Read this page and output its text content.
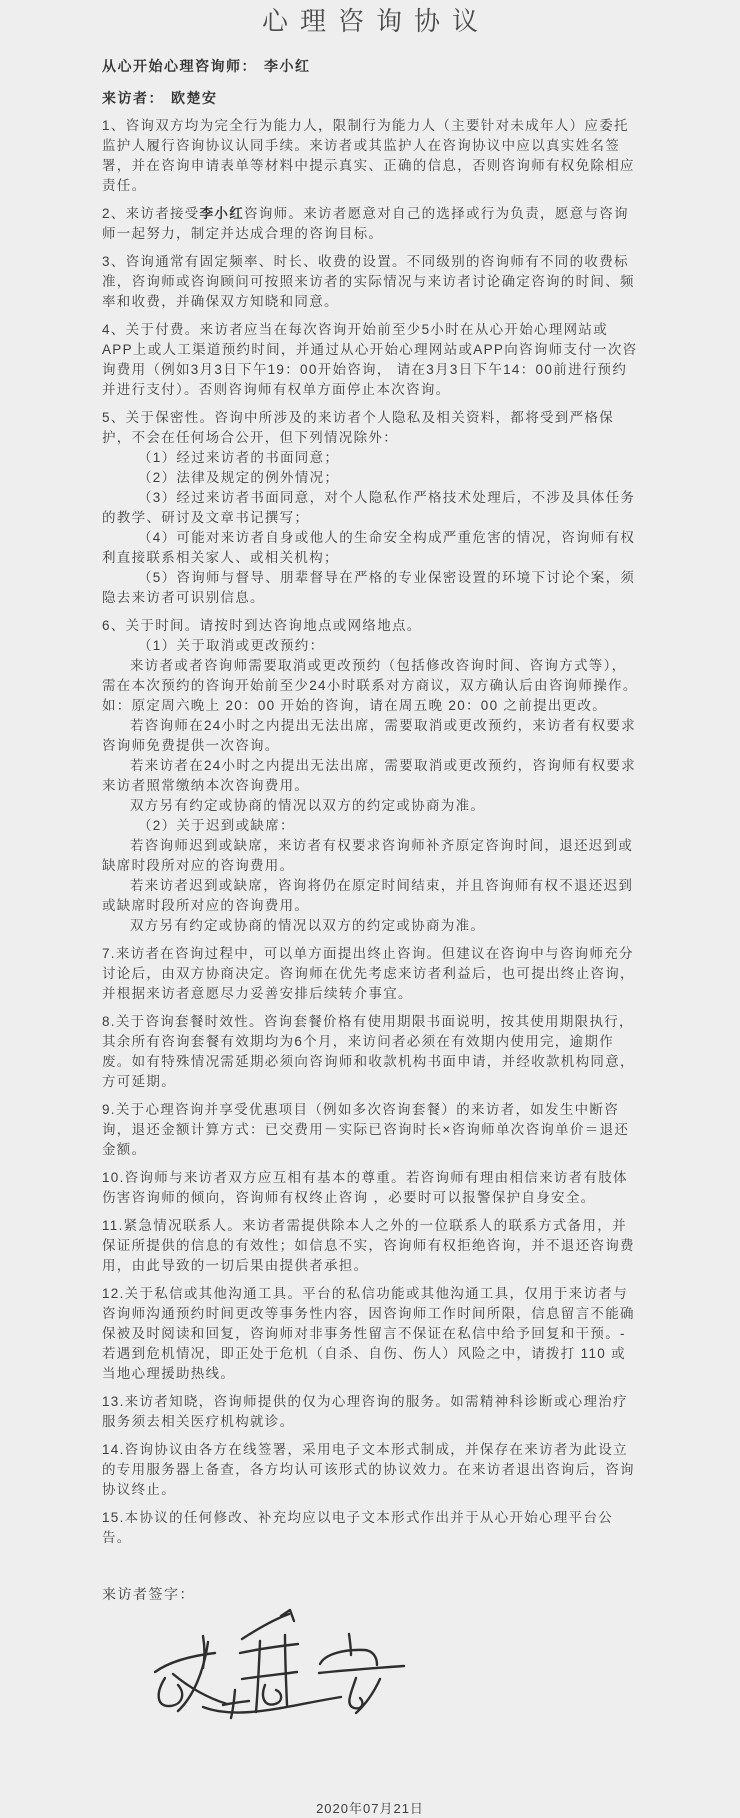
心理咨询协议
从心开始心理咨询师： 李小红
来访者： 欧楚安

1、咨询双方均为完全行为能力人，限制行为能力人（主要针对未成年人）应委托监护人履行咨询协议认同手续。来访者或其监护人在咨询协议中应以真实姓名签署，并在咨询申请表单等材料中提示真实、正确的信息，否则咨询师有权免除相应责任。

2、来访者接受李小红咨询师。来访者愿意对自己的选择或行为负责，愿意与咨询师一起努力，制定并达成合理的咨询目标。

3、咨询通常有固定频率、时长、收费的设置。不同级别的咨询师有不同的收费标准，咨询师或咨询顾问可按照来访者的实际情况与来访者讨论确定咨询的时间、频率和收费，并确保双方知晓和同意。

4、关于付费。来访者应当在每次咨询开始前至少5小时在从心开始心理网站或APP上或人工渠道预约时间，并通过从心开始心理网站或APP向咨询师支付一次咨询费用（例如3月3日下午19：00开始咨询， 请在3月3日下午14：00前进行预约并进行支付）。否则咨询师有权单方面停止本次咨询。

5、关于保密性。咨询中所涉及的来访者个人隐私及相关资料，都将受到严格保护，不会在任何场合公开，但下列情况除外：
（1）经过来访者的书面同意；
（2）法律及规定的例外情况；
（3）经过来访者书面同意，对个人隐私作严格技术处理后，不涉及具体任务的教学、研讨及文章书记撰写；
（4）可能对来访者自身或他人的生命安全构成严重危害的情况，咨询师有权利直接联系相关家人、或相关机构；
（5）咨询师与督导、朋辈督导在严格的专业保密设置的环境下讨论个案，须隐去来访者可识别信息。
6、关于时间。请按时到达咨询地点或网络地点。
（1）关于取消或更改预约：
来访者或者咨询师需要取消或更改预约（包括修改咨询时间、咨询方式等），需在本次预约的咨询开始前至少24小时联系对方商议，双方确认后由咨询师操作。如：原定周六晚上 20：00 开始的咨询，请在周五晚 20：00 之前提出更改。
若咨询师在24小时之内提出无法出席，需要取消或更改预约，来访者有权要求咨询师免费提供一次咨询。
若来访者在24小时之内提出无法出席，需要取消或更改预约，咨询师有权要求来访者照常缴纳本次咨询费用。
双方另有约定或协商的情况以双方的约定或协商为准。
（2）关于迟到或缺席：
若咨询师迟到或缺席，来访者有权要求咨询师补齐原定咨询时间，退还迟到或缺席时段所对应的咨询费用。
若来访者迟到或缺席，咨询将仍在原定时间结束，并且咨询师有权不退还迟到或缺席时段所对应的咨询费用。
双方另有约定或协商的情况以双方的约定或协商为准。

7.来访者在咨询过程中，可以单方面提出终止咨询。但建议在咨询中与咨询师充分讨论后，由双方协商决定。咨询师在优先考虑来访者利益后，也可提出终止咨询，并根据来访者意愿尽力妥善安排后续转介事宜。

8.关于咨询套餐时效性。咨询套餐价格有使用期限书面说明，按其使用期限执行，其余所有咨询套餐有效期均为6个月，来访问者必须在有效期内使用完，逾期作废。如有特殊情况需延期必须向咨询师和收款机构书面申请，并经收款机构同意，方可延期。

9.关于心理咨询并享受优惠项目（例如多次咨询套餐）的来访者，如发生中断咨询，退还金额计算方式：已交费用－实际已咨询时长×咨询师单次咨询单价＝退还金额。

10.咨询师与来访者双方应互相有基本的尊重。若咨询师有理由相信来访者有肢体伤害咨询师的倾向，咨询师有权终止咨询 ，必要时可以报警保护自身安全。

11.紧急情况联系人。来访者需提供除本人之外的一位联系人的联系方式备用，并保证所提供的信息的有效性；如信息不实，咨询师有权拒绝咨询，并不退还咨询费用，由此导致的一切后果由提供者承担。

12.关于私信或其他沟通工具。平台的私信功能或其他沟通工具，仅用于来访者与咨询师沟通预约时间更改等事务性内容，因咨询师工作时间所限，信息留言不能确保被及时阅读和回复，咨询师对非事务性留言不保证在私信中给予回复和干预。- 若遇到危机情况，即正处于危机（自杀、自伤、伤人）风险之中，请拨打 110 或当地心理援助热线。

13.来访者知晓，咨询师提供的仅为心理咨询的服务。如需精神科诊断或心理治疗服务须去相关医疗机构就诊。

14.咨询协议由各方在线签署，采用电子文本形式制成，并保存在来访者为此设立的专用服务器上备查，各方均认可该形式的协议效力。在来访者退出咨询后，咨询协议终止。

15.本协议的任何修改、补充均应以电子文本形式作出并于从心开始心理平台公告。

来访者签字：
2020年07月21日
